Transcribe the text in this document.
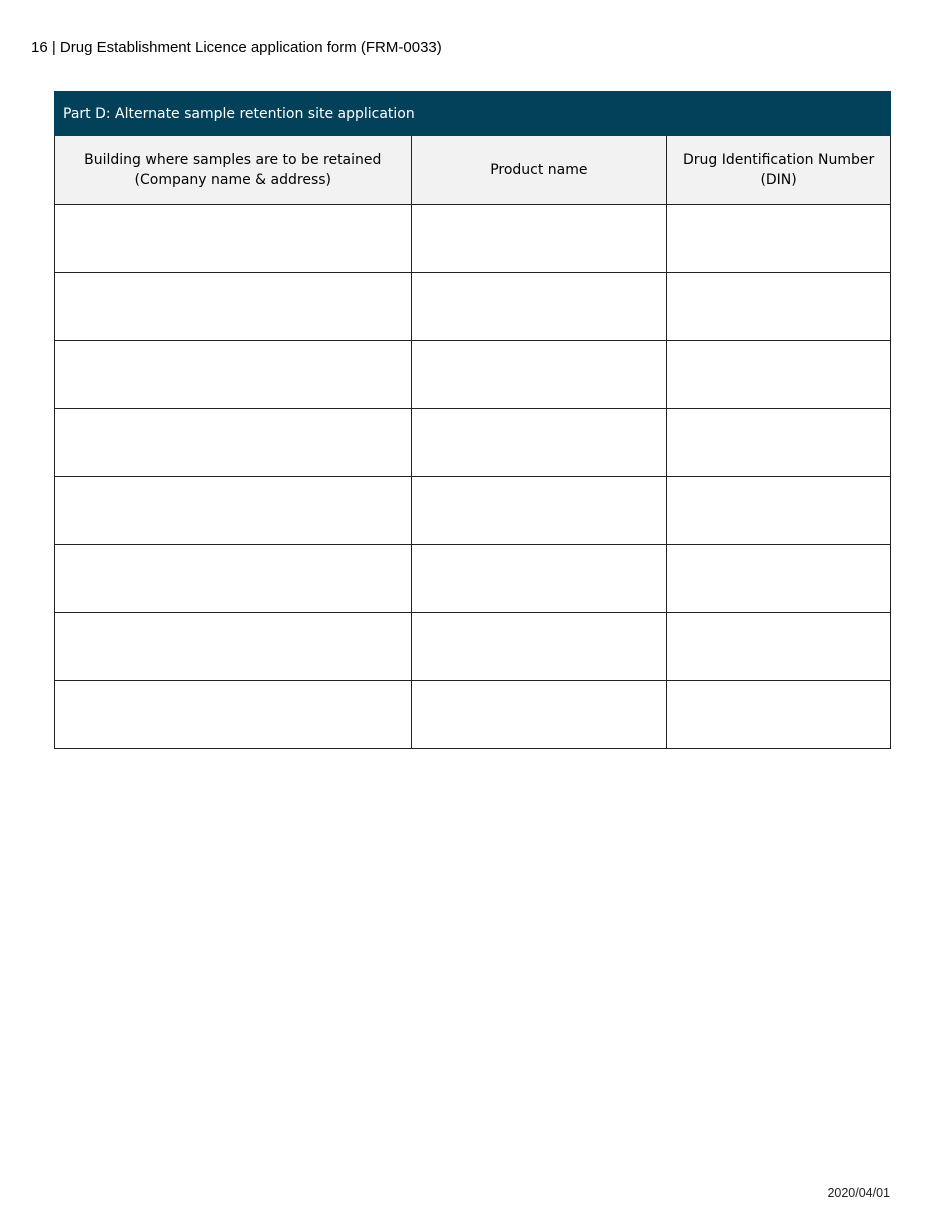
16 | Drug Establishment Licence application form (FRM-0033)
Part D: Alternate sample retention site application		
Building where samples are to be retained
(Company name & address)	Product name	Drug Identification Number
(DIN)

2020/04/01
